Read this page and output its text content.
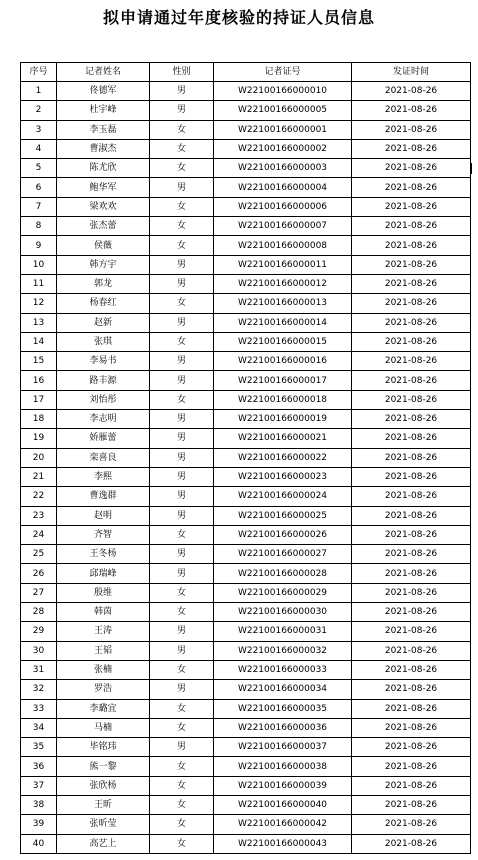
拟申请通过年度核验的持证人员信息
序号	记者姓名	性别	记者证号	发证时间
1	佟德军	男	W22100166000010	2021-08-26
2	杜宇峰	男	W22100166000005	2021-08-26
3	李玉磊	女	W22100166000001	2021-08-26
4	曹淑杰	女	W22100166000002	2021-08-26
5	陈尤欣	女	W22100166000003	2021-08-26
6	鲍华军	男	W22100166000004	2021-08-26
7	梁欢欢	女	W22100166000006	2021-08-26
8	张杰蕾	女	W22100166000007	2021-08-26
9	侯薇	女	W22100166000008	2021-08-26
10	韩方宇	男	W22100166000011	2021-08-26
11	郭龙	男	W22100166000012	2021-08-26
12	杨春红	女	W22100166000013	2021-08-26
13	赵新	男	W22100166000014	2021-08-26
14	张琪	女	W22100166000015	2021-08-26
15	李易书	男	W22100166000016	2021-08-26
16	路丰源	男	W22100166000017	2021-08-26
17	刘怡彤	女	W22100166000018	2021-08-26
18	李志明	男	W22100166000019	2021-08-26
19	娇雁蕾	男	W22100166000021	2021-08-26
20	栾喜良	男	W22100166000022	2021-08-26
21	李熙	男	W22100166000023	2021-08-26
22	曹逸群	男	W22100166000024	2021-08-26
23	赵明	男	W22100166000025	2021-08-26
24	齐智	女	W22100166000026	2021-08-26
25	王冬杨	男	W22100166000027	2021-08-26
26	邱瑞峰	男	W22100166000028	2021-08-26
27	殷维	女	W22100166000029	2021-08-26
28	韩茵	女	W22100166000030	2021-08-26
29	王涛	男	W22100166000031	2021-08-26
30	王韬	男	W22100166000032	2021-08-26
31	张楠	女	W22100166000033	2021-08-26
32	罗浩	男	W22100166000034	2021-08-26
33	李璐宜	女	W22100166000035	2021-08-26
34	马楠	女	W22100166000036	2021-08-26
35	毕铭玮	男	W22100166000037	2021-08-26
36	熊一黎	女	W22100166000038	2021-08-26
37	张欣杨	女	W22100166000039	2021-08-26
38	王昕	女	W22100166000040	2021-08-26
39	张昕莹	女	W22100166000042	2021-08-26
40	高艺上	女	W22100166000043	2021-08-26
